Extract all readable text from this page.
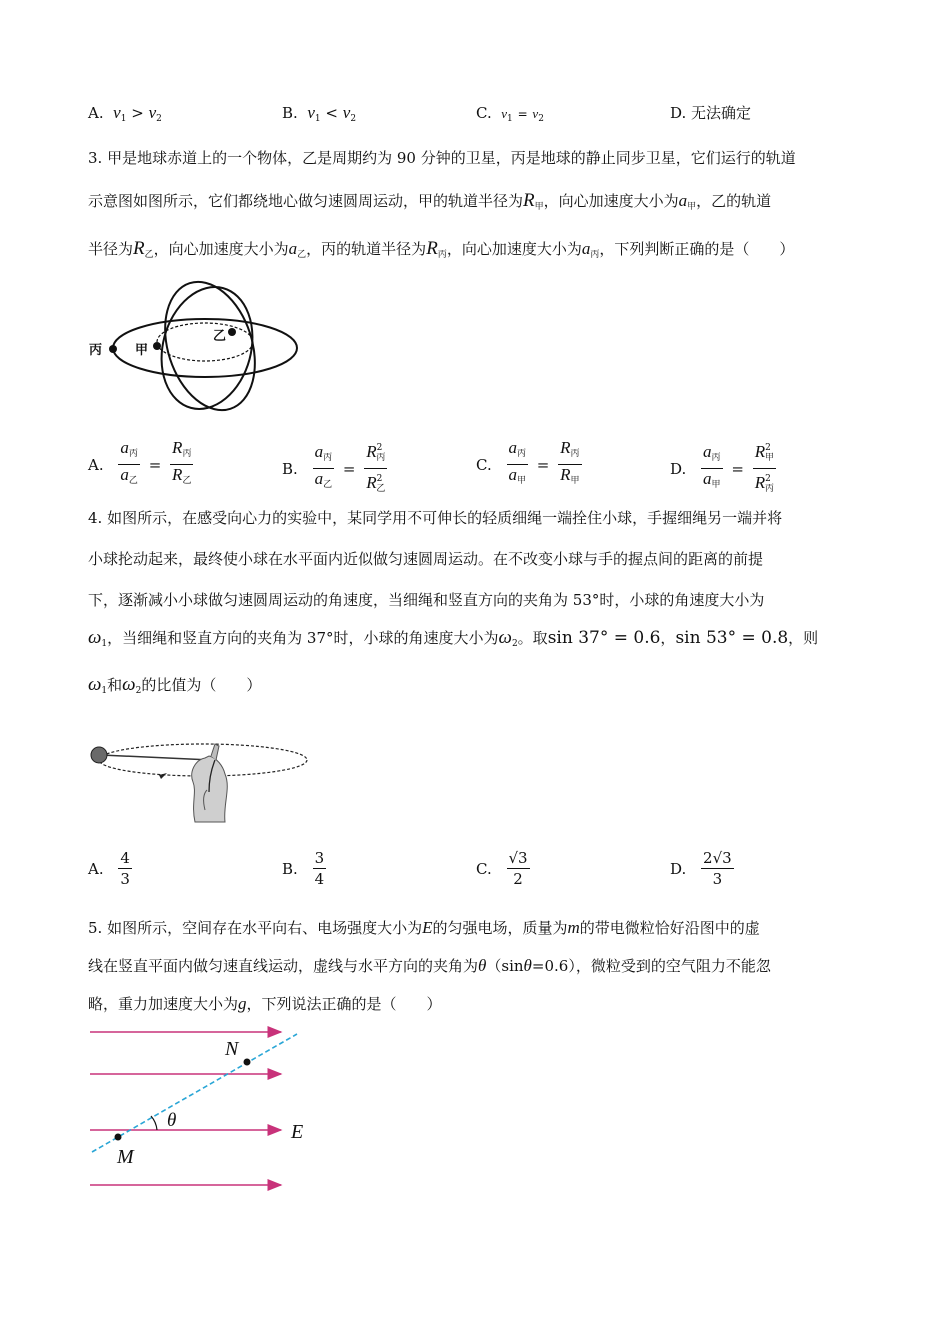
A. $v_1 > v_2$	B. $v_1 < v_2$	C. $v_1 = v_2$	D. 无法确定
3. 甲是地球赤道上的一个物体，乙是周期约为 90 分钟的卫星，丙是地球的静止同步卫星，它们运行的轨道
示意图如图所示，它们都绕地心做匀速圆周运动，甲的轨道半径为$R_甲$，向心加速度大小为$a_甲$，乙的轨道
半径为$R_乙$，向心加速度大小为$a_乙$，丙的轨道半径为$R_丙$，向心加速度大小为$a_丙$，下列判断正确的是（　　）
丙	甲
乙
A. $\frac{a_丙}{a_乙} = \frac{R_丙}{R_乙}$	B. $\frac{a_丙}{a_乙} = \frac{R^2_丙}{R^2_乙}$	C. $\frac{a_丙}{a_甲} = \frac{R_丙}{R_甲}$	D. $\frac{a_丙}{a_甲} = \frac{R^2_甲}{R^2_丙}$
4. 如图所示，在感受向心力的实验中，某同学用不可伸长的轻质细绳一端拴住小球，手握细绳另一端并将
小球抡动起来，最终使小球在水平面内近似做匀速圆周运动。在不改变小球与手的握点间的距离的前提
下，逐渐减小小球做匀速圆周运动的角速度，当细绳和竖直方向的夹角为 53°时，小球的角速度大小为
$\omega_1$，当细绳和竖直方向的夹角为 37°时，小球的角速度大小为$\omega_2$。取sin 37° = 0.6，sin 53° = 0.8，则
$\omega_1$和$\omega_2$的比值为（　　）
A. $\frac{4}{3}$	B. $\frac{3}{4}$	C. $\frac{√3}{2}$	D. $\frac{2√3}{3}$
5. 如图所示，空间存在水平向右、电场强度大小为E的匀强电场，质量为m的带电微粒恰好沿图中的虚
线在竖直平面内做匀速直线运动，虚线与水平方向的夹角为θ（sinθ=0.6），微粒受到的空气阻力不能忽
略，重力加速度大小为g，下列说法正确的是（　　）
N
M
θ
E
